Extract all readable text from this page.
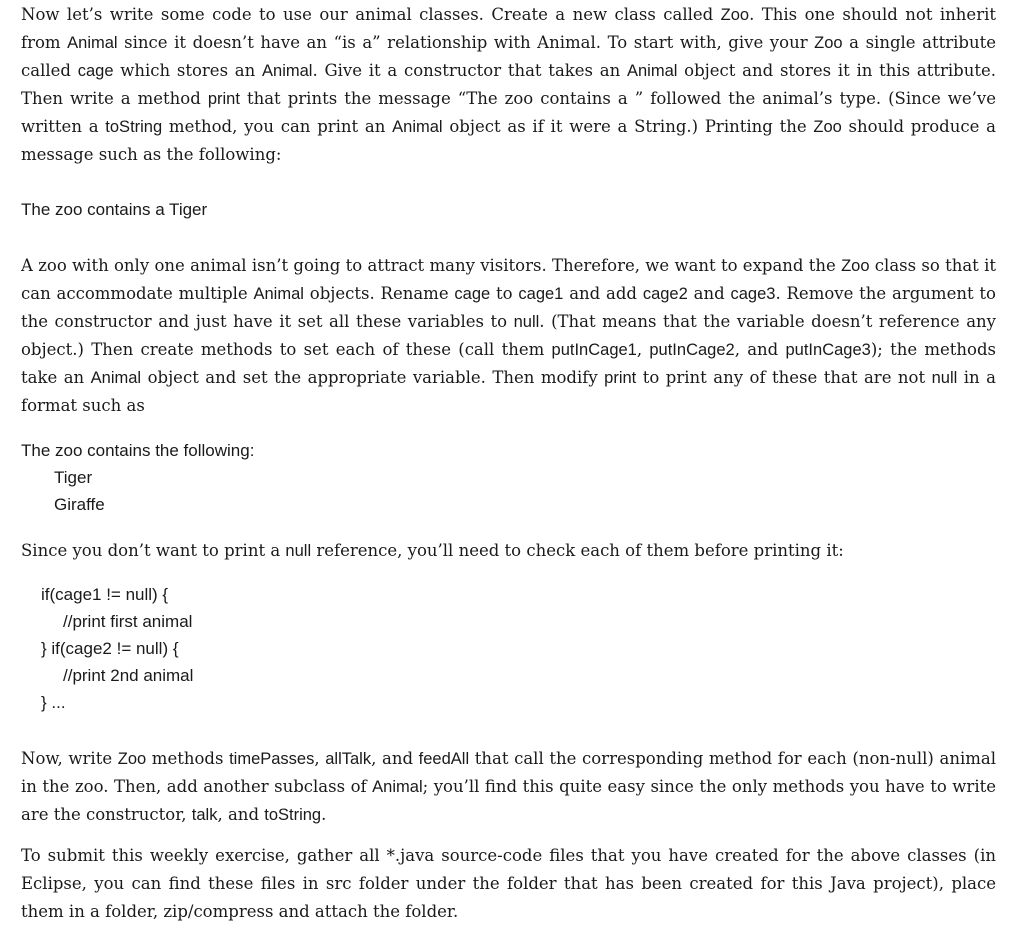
Now let’s write some code to use our animal classes. Create a new class called Zoo. This one should not inherit from Animal since it doesn’t have an “is a” relationship with Animal. To start with, give your Zoo a single attribute called cage which stores an Animal. Give it a constructor that takes an Animal object and stores it in this attribute. Then write a method print that prints the message “The zoo contains a ” followed the animal’s type. (Since we’ve written a toString method, you can print an Animal object as if it were a String.) Printing the Zoo should produce a message such as the following:

The zoo contains a Tiger

A zoo with only one animal isn’t going to attract many visitors. Therefore, we want to expand the Zoo class so that it can accommodate multiple Animal objects. Rename cage to cage1 and add cage2 and cage3. Remove the argument to the constructor and just have it set all these variables to null. (That means that the variable doesn’t reference any object.) Then create methods to set each of these (call them putInCage1, putInCage2, and putInCage3); the methods take an Animal object and set the appropriate variable. Then modify print to print any of these that are not null in a format such as

The zoo contains the following:

Tiger

Giraffe

Since you don’t want to print a null reference, you’ll need to check each of them before printing it:

if(cage1 != null) {

//print first animal

} if(cage2 != null) {

//print 2nd animal

} ...

Now, write Zoo methods timePasses, allTalk, and feedAll that call the corresponding method for each (non-null) animal in the zoo. Then, add another subclass of Animal; you’ll find this quite easy since the only methods you have to write are the constructor, talk, and toString.

To submit this weekly exercise, gather all *.java source-code files that you have created for the above classes (in Eclipse, you can find these files in src folder under the folder that has been created for this Java project), place them in a folder, zip/compress and attach the folder.
